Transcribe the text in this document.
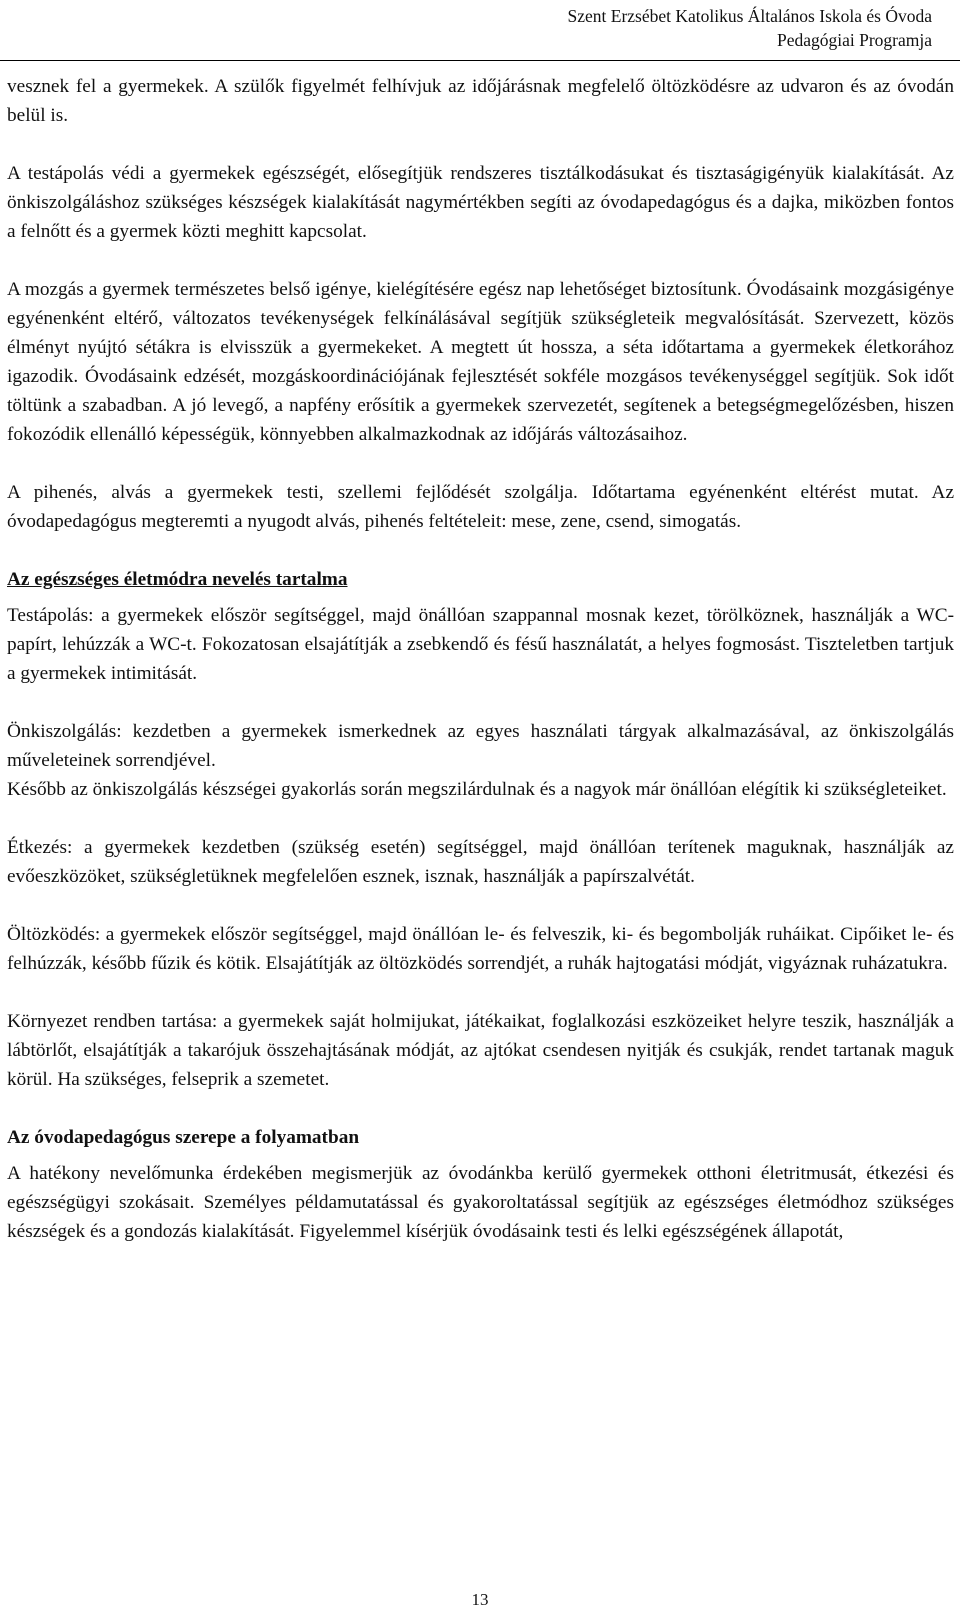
Szent Erzsébet Katolikus Általános Iskola és Óvoda
Pedagógiai Programja

vesznek fel a gyermekek. A szülők figyelmét felhívjuk az időjárásnak megfelelő öltözködésre az udvaron és az óvodán belül is.

A testápolás védi a gyermekek egészségét, elősegítjük rendszeres tisztálkodásukat és tisztaságigényük kialakítását. Az önkiszolgáláshoz szükséges készségek kialakítását nagymértékben segíti az óvodapedagógus és a dajka, miközben fontos a felnőtt és a gyermek közti meghitt kapcsolat.

A mozgás a gyermek természetes belső igénye, kielégítésére egész nap lehetőséget biztosítunk. Óvodásaink mozgásigénye egyénenként eltérő, változatos tevékenységek felkínálásával segítjük szükségleteik megvalósítását. Szervezett, közös élményt nyújtó sétákra is elvisszük a gyermekeket. A megtett út hossza, a séta időtartama a gyermekek életkorához igazodik. Óvodásaink edzését, mozgáskoordinációjának fejlesztését sokféle mozgásos tevékenységgel segítjük. Sok időt töltünk a szabadban. A jó levegő, a napfény erősítik a gyermekek szervezetét, segítenek a betegségmegelőzésben, hiszen fokozódik ellenálló képességük, könnyebben alkalmazkodnak az időjárás változásaihoz.

A pihenés, alvás a gyermekek testi, szellemi fejlődését szolgálja. Időtartama egyénenként eltérést mutat. Az óvodapedagógus megteremti a nyugodt alvás, pihenés feltételeit: mese, zene, csend, simogatás.

Az egészséges életmódra nevelés tartalma

Testápolás: a gyermekek először segítséggel, majd önállóan szappannal mosnak kezet, törölköznek, használják a WC-papírt, lehúzzák a WC-t. Fokozatosan elsajátítják a zsebkendő és fésű használatát, a helyes fogmosást. Tiszteletben tartjuk a gyermekek intimitását.

Önkiszolgálás: kezdetben a gyermekek ismerkednek az egyes használati tárgyak alkalmazásával, az önkiszolgálás műveleteinek sorrendjével.

Később az önkiszolgálás készségei gyakorlás során megszilárdulnak és a nagyok már önállóan elégítik ki szükségleteiket.

Étkezés: a gyermekek kezdetben (szükség esetén) segítséggel, majd önállóan terítenek maguknak, használják az evőeszközöket, szükségletüknek megfelelően esznek, isznak, használják a papírszalvétát.

Öltözködés: a gyermekek először segítséggel, majd önállóan le- és felveszik, ki- és begombolják ruháikat. Cipőiket le- és felhúzzák, később fűzik és kötik. Elsajátítják az öltözködés sorrendjét, a ruhák hajtogatási módját, vigyáznak ruházatukra.

Környezet rendben tartása: a gyermekek saját holmijukat, játékaikat, foglalkozási eszközeiket helyre teszik, használják a lábtörlőt, elsajátítják a takarójuk összehajtásának módját, az ajtókat csendesen nyitják és csukják, rendet tartanak maguk körül. Ha szükséges, felseprik a szemetet.

Az óvodapedagógus szerepe a folyamatban

A hatékony nevelőmunka érdekében megismerjük az óvodánkba kerülő gyermekek otthoni életritmusát, étkezési és egészségügyi szokásait. Személyes példamutatással és gyakoroltatással segítjük az egészséges életmódhoz szükséges készségek és a gondozás kialakítását. Figyelemmel kísérjük óvodásaink testi és lelki egészségének állapotát,

13
